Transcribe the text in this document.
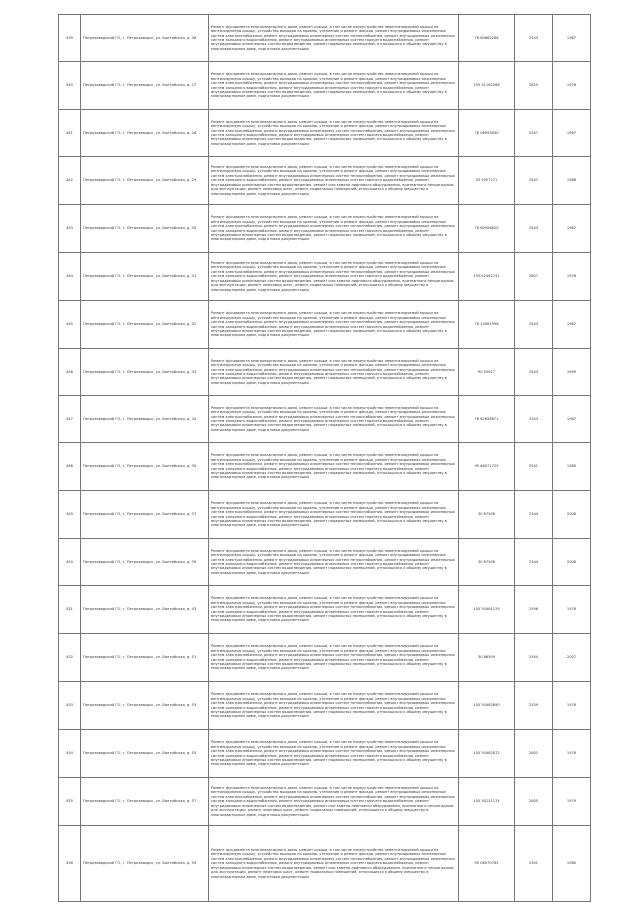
439	Петрозаводский ГО, г. Петрозаводск, ул. Балтийская, д. 38	Ремонт фундамента многоквартирного дома, ремонт крыши, в том числе переустройство невентилируемой крыши на вентилируемую крышу, устройство выходов на кровлю, утепление и ремонт фасада, ремонт внутридомовых инженерных систем электроснабжения, ремонт внутридомовых инженерных систем теплоснабжения, ремонт внутридомовых инженерных систем холодного водоснабжения, ремонт внутридомовых инженерных систем горячего водоснабжения, ремонт внутридомовых инженерных систем водоотведения, ремонт подвальных помещений, относящихся к общему имуществу в многоквартирном доме, подготовка документации	78 60662268	2543	1987
440	Петрозаводский ГО, г. Петрозаводск, ул. Балтийская, д. 27	Ремонт фундамента многоквартирного дома, ремонт крыши, в том числе переустройство невентилируемой крыши на вентилируемую крышу, устройство выходов на кровлю, утепление и ремонт фасада, ремонт внутридомовых инженерных систем электроснабжения, ремонт внутридомовых инженерных систем теплоснабжения, ремонт внутридомовых инженерных систем холодного водоснабжения, ремонт внутридомовых инженерных систем горячего водоснабжения, ремонт внутридомовых инженерных систем водоотведения, ремонт подвальных помещений, относящихся к общему имуществу в многоквартирном доме, подготовка документации	155 51162566	2625	1976
441	Петрозаводский ГО, г. Петрозаводск, ул. Балтийская, д. 26	Ремонт фундамента многоквартирного дома, ремонт крыши, в том числе переустройство невентилируемой крыши на вентилируемую крышу, устройство выходов на кровлю, утепление и ремонт фасада, ремонт внутридомовых инженерных систем электроснабжения, ремонт внутридомовых инженерных систем теплоснабжения, ремонт внутридомовых инженерных систем холодного водоснабжения, ремонт внутридомовых инженерных систем горячего водоснабжения, ремонт внутридомовых инженерных систем водоотведения, ремонт подвальных помещений, относящихся к общему имуществу в многоквартирном доме, подготовка документации	78 06095630	2547	1987
442	Петрозаводский ГО, г. Петрозаводск, ул. Балтийская, д. 29	Ремонт фундамента многоквартирного дома, ремонт крыши, в том числе переустройство невентилируемой крыши на вентилируемую крышу, устройство выходов на кровлю, утепление и ремонт фасада, ремонт внутридомовых инженерных систем электроснабжения, ремонт внутридомовых инженерных систем теплоснабжения, ремонт внутридомовых инженерных систем холодного водоснабжения, ремонт внутридомовых инженерных систем горячего водоснабжения, ремонт внутридомовых инженерных систем водоотведения, ремонт или замена лифтового оборудования, признанного непригодным для эксплуатации, ремонт лифтовых шахт, ремонт подвальных помещений, относящихся к общему имуществу в многоквартирном доме, подготовка документации	93 5057271	2541	1988
443	Петрозаводский ГО, г. Петрозаводск, ул. Балтийская, д. 30	Ремонт фундамента многоквартирного дома, ремонт крыши, в том числе переустройство невентилируемой крыши на вентилируемую крышу, устройство выходов на кровлю, утепление и ремонт фасада, ремонт внутридомовых инженерных систем электроснабжения, ремонт внутридомовых инженерных систем теплоснабжения, ремонт внутридомовых инженерных систем холодного водоснабжения, ремонт внутридомовых инженерных систем горячего водоснабжения, ремонт внутридомовых инженерных систем водоотведения, ремонт подвальных помещений, относящихся к общему имуществу в многоквартирном доме, подготовка документации	78 60956620	2543	1987
444	Петрозаводский ГО, г. Петрозаводск, ул. Балтийская, д. 31	Ремонт фундамента многоквартирного дома, ремонт крыши, в том числе переустройство невентилируемой крыши на вентилируемую крышу, устройство выходов на кровлю, утепление и ремонт фасада, ремонт внутридомовых инженерных систем электроснабжения, ремонт внутридомовых инженерных систем теплоснабжения, ремонт внутридомовых инженерных систем холодного водоснабжения, ремонт внутридомовых инженерных систем горячего водоснабжения, ремонт внутридомовых инженерных систем водоотведения, ремонт или замена лифтового оборудования, признанного непригодным для эксплуатации, ремонт лифтовых шахт, ремонт подвальных помещений, относящихся к общему имуществу в многоквартирном доме, подготовка документации	155 52462741	2607	1976
445	Петрозаводский ГО, г. Петрозаводск, ул. Балтийская, д. 32	Ремонт фундамента многоквартирного дома, ремонт крыши, в том числе переустройство невентилируемой крыши на вентилируемую крышу, устройство выходов на кровлю, утепление и ремонт фасада, ремонт внутридомовых инженерных систем электроснабжения, ремонт внутридомовых инженерных систем теплоснабжения, ремонт внутридомовых инженерных систем холодного водоснабжения, ремонт внутридомовых инженерных систем горячего водоснабжения, ремонт внутридомовых инженерных систем водоотведения, ремонт подвальных помещений, относящихся к общему имуществу в многоквартирном доме, подготовка документации	78 10081596	2543	1987
446	Петрозаводский ГО, г. Петрозаводск, ул. Балтийская, д. 33	Ремонт фундамента многоквартирного дома, ремонт крыши, в том числе переустройство невентилируемой крыши на вентилируемую крышу, устройство выходов на кровлю, утепление и ремонт фасада, ремонт внутридомовых инженерных систем электроснабжения, ремонт внутридомовых инженерных систем теплоснабжения, ремонт внутридомовых инженерных систем холодного водоснабжения, ремонт внутридомовых инженерных систем горячего водоснабжения, ремонт внутридомовых инженерных систем водоотведения, ремонт подвальных помещений, относящихся к общему имуществу в многоквартирном доме, подготовка документации	90 50617	2543	1999
447	Петрозаводский ГО, г. Петрозаводск, ул. Балтийская, д. 34	Ремонт фундамента многоквартирного дома, ремонт крыши, в том числе переустройство невентилируемой крыши на вентилируемую крышу, устройство выходов на кровлю, утепление и ремонт фасада, ремонт внутридомовых инженерных систем электроснабжения, ремонт внутридомовых инженерных систем теплоснабжения, ремонт внутридомовых инженерных систем холодного водоснабжения, ремонт внутридомовых инженерных систем горячего водоснабжения, ремонт внутридомовых инженерных систем водоотведения, ремонт подвальных помещений, относящихся к общему имуществу в многоквартирном доме, подготовка документации	78 62658671	2543	1987
448	Петрозаводский ГО, г. Петрозаводск, ул. Балтийская, д. 35	Ремонт фундамента многоквартирного дома, ремонт крыши, в том числе переустройство невентилируемой крыши на вентилируемую крышу, устройство выходов на кровлю, утепление и ремонт фасада, ремонт внутридомовых инженерных систем электроснабжения, ремонт внутридомовых инженерных систем теплоснабжения, ремонт внутридомовых инженерных систем холодного водоснабжения, ремонт внутридомовых инженерных систем горячего водоснабжения, ремонт внутридомовых инженерных систем водоотведения, ремонт подвальных помещений, относящихся к общему имуществу в многоквартирном доме, подготовка документации	95 66071729	2541	1980
449	Петрозаводский ГО, г. Петрозаводск, ул. Балтийская, д. 37	Ремонт фундамента многоквартирного дома, ремонт крыши, в том числе переустройство невентилируемой крыши на вентилируемую крышу, устройство выходов на кровлю, утепление и ремонт фасада, ремонт внутридомовых инженерных систем электроснабжения, ремонт внутридомовых инженерных систем теплоснабжения, ремонт внутридомовых инженерных систем холодного водоснабжения, ремонт внутридомовых инженерных систем горячего водоснабжения, ремонт внутридомовых инженерных систем водоотведения, ремонт подвальных помещений, относящихся к общему имуществу в многоквартирном доме, подготовка документации	30 67508	2544	2008
450	Петрозаводский ГО, г. Петрозаводск, ул. Балтийская, д. 39	Ремонт фундамента многоквартирного дома, ремонт крыши, в том числе переустройство невентилируемой крыши на вентилируемую крышу, устройство выходов на кровлю, утепление и ремонт фасада, ремонт внутридомовых инженерных систем электроснабжения, ремонт внутридомовых инженерных систем теплоснабжения, ремонт внутридомовых инженерных систем холодного водоснабжения, ремонт внутридомовых инженерных систем горячего водоснабжения, ремонт внутридомовых инженерных систем водоотведения, ремонт подвальных помещений, относящихся к общему имуществу в многоквартирном доме, подготовка документации	30 67508	2544	2008
451	Петрозаводский ГО, г. Петрозаводск, ул. Балтийская, д. 43	Ремонт фундамента многоквартирного дома, ремонт крыши, в том числе переустройство невентилируемой крыши на вентилируемую крышу, устройство выходов на кровлю, утепление и ремонт фасада, ремонт внутридомовых инженерных систем электроснабжения, ремонт внутридомовых инженерных систем теплоснабжения, ремонт внутридомовых инженерных систем холодного водоснабжения, ремонт внутридомовых инженерных систем горячего водоснабжения, ремонт внутридомовых инженерных систем водоотведения, ремонт подвальных помещений, относящихся к общему имуществу в многоквартирном доме, подготовка документации	155 50461129	2596	1976
452	Петрозаводский ГО, г. Петрозаводск, ул. Балтийская, д. 51	Ремонт фундамента многоквартирного дома, ремонт крыши, в том числе переустройство невентилируемой крыши на вентилируемую крышу, устройство выходов на кровлю, утепление и ремонт фасада, ремонт внутридомовых инженерных систем электроснабжения, ремонт внутридомовых инженерных систем теплоснабжения, ремонт внутридомовых инженерных систем холодного водоснабжения, ремонт внутридомовых инженерных систем горячего водоснабжения, ремонт внутридомовых инженерных систем водоотведения, ремонт подвальных помещений, относящихся к общему имуществу в многоквартирном доме, подготовка документации	30 66509	2544	2007
453	Петрозаводский ГО, г. Петрозаводск, ул. Балтийская, д. 53	Ремонт фундамента многоквартирного дома, ремонт крыши, в том числе переустройство невентилируемой крыши на вентилируемую крышу, устройство выходов на кровлю, утепление и ремонт фасада, ремонт внутридомовых инженерных систем электроснабжения, ремонт внутридомовых инженерных систем теплоснабжения, ремонт внутридомовых инженерных систем холодного водоснабжения, ремонт внутридомовых инженерных систем горячего водоснабжения, ремонт внутридомовых инженерных систем водоотведения, ремонт подвальных помещений, относящихся к общему имуществу в многоквартирном доме, подготовка документации	155 50462890	2559	1976
454	Петрозаводский ГО, г. Петрозаводск, ул. Балтийская, д. 55	Ремонт фундамента многоквартирного дома, ремонт крыши, в том числе переустройство невентилируемой крыши на вентилируемую крышу, устройство выходов на кровлю, утепление и ремонт фасада, ремонт внутридомовых инженерных систем электроснабжения, ремонт внутридомовых инженерных систем теплоснабжения, ремонт внутридомовых инженерных систем холодного водоснабжения, ремонт внутридомовых инженерных систем горячего водоснабжения, ремонт внутридомовых инженерных систем водоотведения, ремонт подвальных помещений, относящихся к общему имуществу в многоквартирном доме, подготовка документации	155 50462872	2601	1976
455	Петрозаводский ГО, г. Петрозаводск, ул. Балтийская, д. 57	Ремонт фундамента многоквартирного дома, ремонт крыши, в том числе переустройство невентилируемой крыши на вентилируемую крышу, устройство выходов на кровлю, утепление и ремонт фасада, ремонт внутридомовых инженерных систем электроснабжения, ремонт внутридомовых инженерных систем теплоснабжения, ремонт внутридомовых инженерных систем холодного водоснабжения, ремонт внутридомовых инженерных систем горячего водоснабжения, ремонт внутридомовых инженерных систем водоотведения, ремонт или замена лифтового оборудования, признанного непригодным для эксплуатации, ремонт лифтовых шахт, ремонт подвальных помещений, относящихся к общему имуществу в многоквартирном доме, подготовка документации	155 50151174	2605	1979
456	Петрозаводский ГО, г. Петрозаводск, ул. Балтийская, д. 59	Ремонт фундамента многоквартирного дома, ремонт крыши, в том числе переустройство невентилируемой крыши на вентилируемую крышу, устройство выходов на кровлю, утепление и ремонт фасада, ремонт внутридомовых инженерных систем электроснабжения, ремонт внутридомовых инженерных систем теплоснабжения, ремонт внутридомовых инженерных систем холодного водоснабжения, ремонт внутридомовых инженерных систем горячего водоснабжения, ремонт внутридомовых инженерных систем водоотведения, ремонт или замена лифтового оборудования, признанного непригодным для эксплуатации, ремонт лифтовых шахт, ремонт подвальных помещений, относящихся к общему имуществу в многоквартирном доме, подготовка документации	95 06070765	2541	1980
